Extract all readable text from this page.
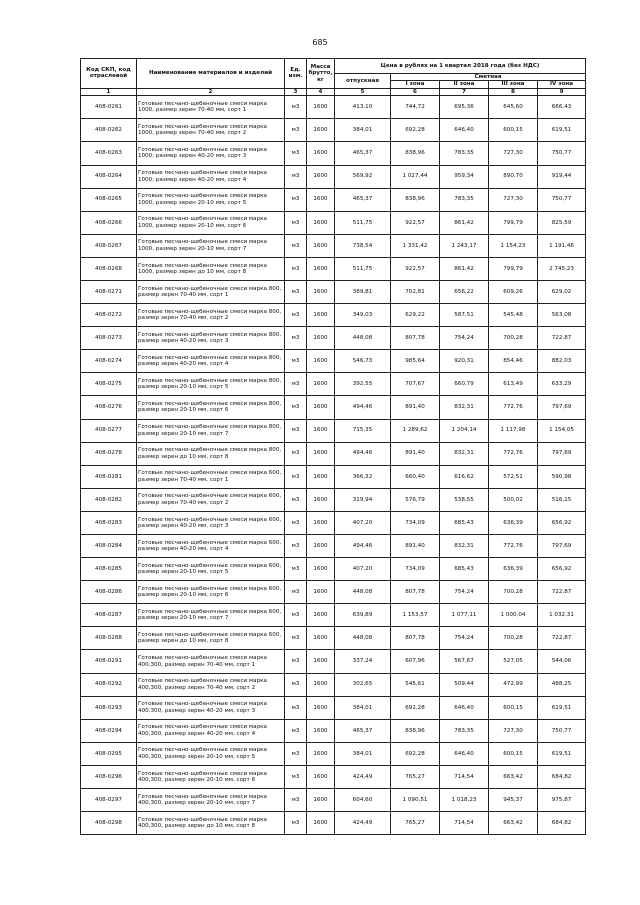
685
Код СКП, код отраслевой	Наименование материалов и изделий	Ед. изм.	Масса брутто, кг	Цена в рублях на 1 квартал 2018 года (без НДС)				
				отпускная	Сметная			
					I зона	II зона	III зона	IV зона
1	2	3	4	5	6	7	8	9
408-0261	Готовые песчано-щебеночные смеси марка 1000, размер зерен 70-40 мм, сорт 1	м3	1600	413,10	744,72	695,36	645,60	666,43
408-0262	Готовые песчано-щебеночные смеси марка 1000, размер зерен 70-40 мм, сорт 2	м3	1600	384,01	692,28	646,40	600,15	619,51
408-0263	Готовые песчано-щебеночные смеси марка 1000, размер зерен 40-20 мм, сорт 3	м3	1600	465,37	838,96	783,35	727,30	750,77
408-0264	Готовые песчано-щебеночные смеси марка 1000, размер зерен 40-20 мм, сорт 4	м3	1600	569,92	1 027,44	959,34	890,70	919,44
408-0265	Готовые песчано-щебеночные смеси марка 1000, размер зерен 20-10 мм, сорт 5	м3	1600	465,37	838,96	783,35	727,30	750,77
408-0266	Готовые песчано-щебеночные смеси марка 1000, размер зерен 20-10 мм, сорт 6	м3	1600	511,75	922,57	861,42	799,79	825,59
408-0267	Готовые песчано-щебеночные смеси марка 1000, размер зерен 20-10 мм, сорт 7	м3	1600	738,54	1 331,42	1 243,17	1 154,23	1 191,46
408-0268	Готовые песчано-щебеночные смеси марка 1000, размер зерен до 10 мм, сорт 8	м3	1600	511,75	922,57	861,42	799,79	2 745,23
408-0271	Готовые песчано-щебеночные смеси марка 800, размер зерен 70-40 мм, сорт 1	м3	1600	389,81	702,81	656,22	609,26	629,02
408-0272	Готовые песчано-щебеночные смеси марка 800, размер зерен 70-40 мм, сорт 2	м3	1600	349,03	629,22	587,51	545,48	563,08
408-0273	Готовые песчано-щебеночные смеси марка 800, размер зерен 40-20 мм, сорт 3	м3	1600	448,08	807,78	754,24	700,28	722,87
408-0274	Готовые песчано-щебеночные смеси марка 800, размер зерен 40-20 мм, сорт 4	м3	1600	546,73	985,64	920,31	854,46	882,03
408-0275	Готовые песчано-щебеночные смеси марка 800, размер зерен 20-10 мм, сорт 5	м3	1600	392,55	707,67	660,79	613,49	633,29
408-0276	Готовые песчано-щебеночные смеси марка 800, размер зерен 20-10 мм, сорт 6	м3	1600	494,46	891,40	832,31	772,76	797,69
408-0277	Готовые песчано-щебеночные смеси марка 800, размер зерен 20-10 мм, сорт 7	м3	1600	715,35	1 289,62	1 204,14	1 117,98	1 154,05
408-0278	Готовые песчано-щебеночные смеси марка 800, размер зерен до 10 мм, сорт 8	м3	1600	494,46	891,40	832,31	772,76	797,69
408-0281	Готовые песчано-щебеночные смеси марка 600, размер зерен 70-40 мм, сорт 1	м3	1600	366,32	660,40	616,62	572,51	590,98
408-0282	Готовые песчано-щебеночные смеси марка 600, размер зерен 70-40 мм, сорт 2	м3	1600	319,94	576,79	538,55	500,02	516,15
408-0283	Готовые песчано-щебеночные смеси марка 600, размер зерен 40-20 мм, сорт 3	м3	1600	407,20	734,09	685,43	636,39	656,92
408-0284	Готовые песчано-щебеночные смеси марка 600, размер зерен 40-20 мм, сорт 4	м3	1600	494,46	891,40	832,31	772,76	797,69
408-0285	Готовые песчано-щебеночные смеси марка 600, размер зерен 20-10 мм, сорт 5	м3	1600	407,20	734,09	685,43	636,39	656,92
408-0286	Готовые песчано-щебеночные смеси марка 600, размер зерен 20-10 мм, сорт 6	м3	1600	448,08	807,78	754,24	700,28	722,87
408-0287	Готовые песчано-щебеночные смеси марка 600, размер зерен 20-10 мм, сорт 7	м3	1600	639,89	1 153,57	1 077,11	1 000,04	1 032,31
408-0288	Готовые песчано-щебеночные смеси марка 600, размер зерен до 10 мм, сорт 8	м3	1600	448,08	807,78	754,24	700,28	722,87
408-0291	Готовые песчано-щебеночные смеси марка 400,300, размер зерен 70-40 мм, сорт 1	м3	1600	337,24	607,96	567,67	527,05	544,06
408-0292	Готовые песчано-щебеночные смеси марка 400,300, размер зерен 70-40 мм, сорт 2	м3	1600	302,65	545,61	509,44	472,99	488,25
408-0293	Готовые песчано-щебеночные смеси марка 400,300, размер зерен 40-20 мм, сорт 3	м3	1600	384,01	692,28	646,40	600,15	619,51
408-0294	Готовые песчано-щебеночные смеси марка 400,300, размер зерен 40-20 мм, сорт 4	м3	1600	465,37	838,96	783,35	727,30	750,77
408-0295	Готовые песчано-щебеночные смеси марка 400,300, размер зерен 20-10 мм, сорт 5	м3	1600	384,01	692,28	646,40	600,15	619,51
408-0296	Готовые песчано-щебеночные смеси марка 400,300, размер зерен 20-10 мм, сорт 6	м3	1600	424,49	765,27	714,54	663,42	684,82
408-0297	Готовые песчано-щебеночные смеси марка 400,300, размер зерен 20-10 мм, сорт 7	м3	1600	604,60	1 090,51	1 018,23	945,37	975,87
408-0298	Готовые песчано-щебеночные смеси марка 400,300, размер зерен до 10 мм, сорт 8	м3	1600	424,49	765,27	714,54	663,42	684,82
